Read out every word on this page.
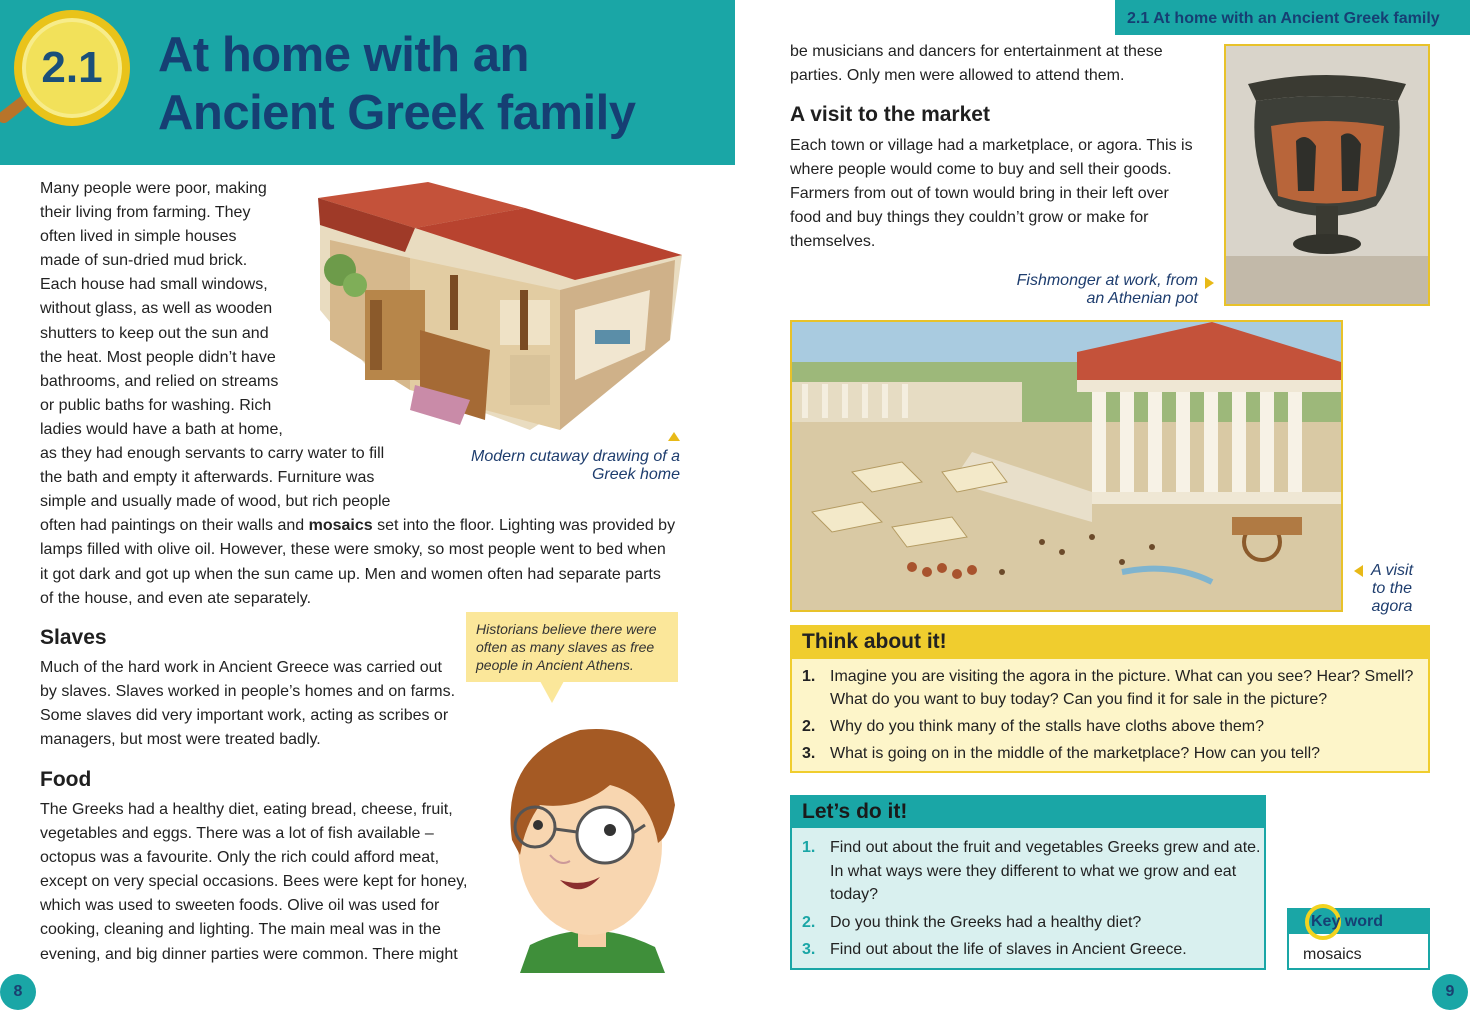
2.1	At home with an
Ancient Greek family
Many people were poor, making
their living from farming. They
often lived in simple houses
made of sun-dried mud brick.
Each house had small windows,
without glass, as well as wooden
shutters to keep out the sun and
the heat. Most people didn’t have
bathrooms, and relied on streams
or public baths for washing. Rich
ladies would have a bath at home,
as they had enough servants to carry water to fill
the bath and empty it afterwards. Furniture was
simple and usually made of wood, but rich people
often had paintings on their walls and mosaics set into the floor. Lighting was provided by
lamps filled with olive oil. However, these were smoky, so most people went to bed when
it got dark and got up when the sun came up. Men and women often had separate parts
of the house, and even ate separately.
Modern cutaway drawing of a
Greek home
Slaves
Much of the hard work in Ancient Greece was carried out
by slaves. Slaves worked in people’s homes and on farms.
Some slaves did very important work, acting as scribes or
managers, but most were treated badly.
Historians believe there were often as many slaves as free people in Ancient Athens.
Food
The Greeks had a healthy diet, eating bread, cheese, fruit,
vegetables and eggs. There was a lot of fish available –
octopus was a favourite. Only the rich could afford meat,
except on very special occasions. Bees were kept for honey,
which was used to sweeten foods. Olive oil was used for
cooking, cleaning and lighting. The main meal was in the
evening, and big dinner parties were common. There might
8
2.1 At home with an Ancient Greek family
be musicians and dancers for entertainment at these
parties. Only men were allowed to attend them.
A visit to the market
Each town or village had a marketplace, or agora. This is
where people would come to buy and sell their goods.
Farmers from out of town would bring in their left over
food and buy things they couldn’t grow or make for
themselves.
Fishmonger at work, from
an Athenian pot
A visit
to the
agora
Think about it!
1. Imagine you are visiting the agora in the picture. What can you see? Hear? Smell?
What do you want to buy today? Can you find it for sale in the picture?
2. Why do you think many of the stalls have cloths above them?
3. What is going on in the middle of the marketplace? How can you tell?
Let’s do it!
1. Find out about the fruit and vegetables Greeks grew and ate.
In what ways were they different to what we grow and eat
today?
2. Do you think the Greeks had a healthy diet?
3. Find out about the life of slaves in Ancient Greece.
Key word
mosaics
9
